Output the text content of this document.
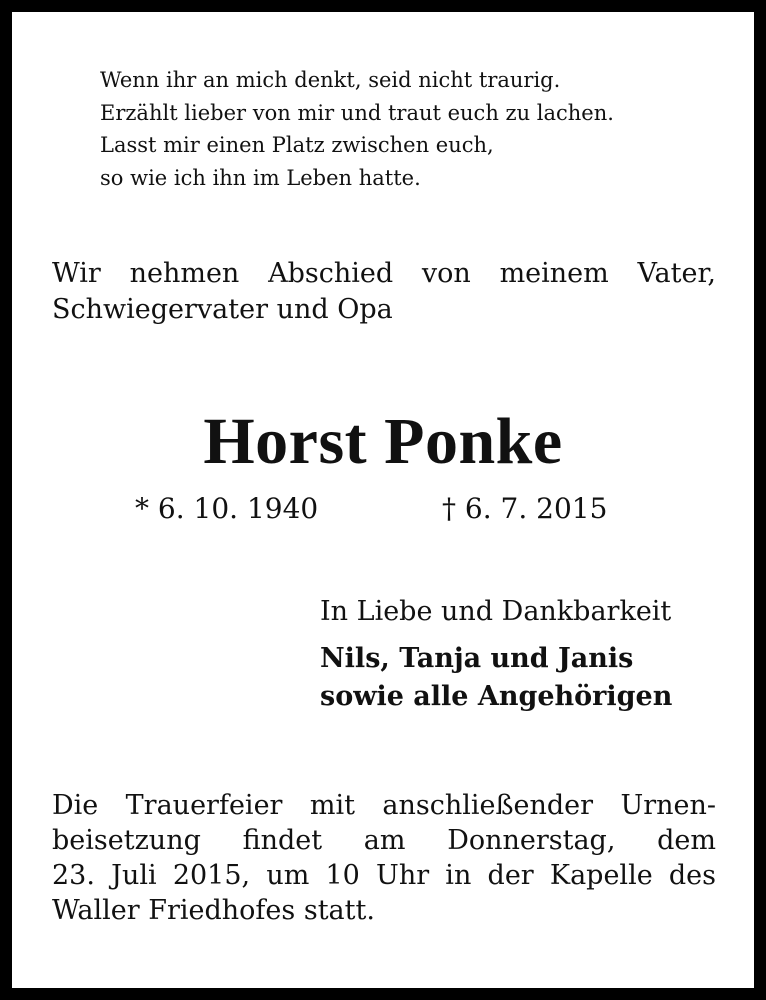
Wenn ihr an mich denkt, seid nicht traurig.
Erzählt lieber von mir und traut euch zu lachen.
Lasst mir einen Platz zwischen euch,
so wie ich ihn im Leben hatte.
Wir nehmen Abschied von meinem Vater,
Schwiegervater und Opa
Horst Ponke
* 6. 10. 1940	† 6. 7. 2015
In Liebe und Dankbarkeit
Nils, Tanja und Janis
sowie alle Angehörigen
Die Trauerfeier mit anschließender Urnen-
beisetzung findet am Donnerstag, dem
23. Juli 2015, um 10 Uhr in der Kapelle des
Waller Friedhofes statt.
